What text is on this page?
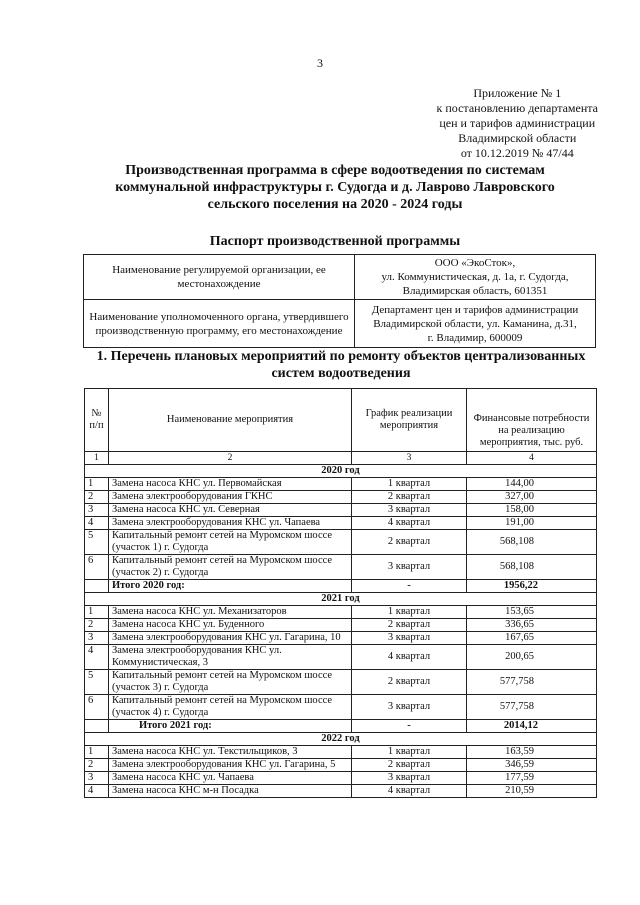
3
Приложение № 1
к постановлению департамента
цен и тарифов администрации
Владимирской области
от 10.12.2019 № 47/44
Производственная программа в сфере водоотведения по системам
коммунальной инфраструктуры г. Судогда и д. Лаврово Лавровского
сельского поселения на 2020 - 2024 годы
Паспорт производственной программы
Наименование регулируемой организации, ее местонахождение	ООО «ЭкоСток»,
ул. Коммунистическая, д. 1а, г. Судогда,
Владимирская область, 601351

Наименование уполномоченного органа, утвердившего производственную программу, его местонахождение	Департамент цен и тарифов администрации
Владимирской области, ул. Каманина, д.31,
г. Владимир, 600009
1. Перечень плановых мероприятий по ремонту объектов централизованных систем водоотведения
№ п/п	Наименование мероприятия	График реализации мероприятия	Финансовые потребности на реализацию мероприятия, тыс. руб.
1	2	3	4
2020 год			
1	Замена насоса КНС ул. Первомайская	1 квартал	144,00
2	Замена электрооборудования ГКНС	2 квартал	327,00
3	Замена насоса КНС ул. Северная	3 квартал	158,00
4	Замена электрооборудования КНС ул. Чапаева	4 квартал	191,00
5	Капитальный ремонт сетей на Муромском шоссе (участок 1) г. Судогда	2 квартал	568,108
6	Капитальный ремонт сетей на Муромском шоссе (участок 2) г. Судогда	3 квартал	568,108
	Итого 2020 год:	-	1956,22
2021 год			
1	Замена насоса КНС ул. Механизаторов	1 квартал	153,65
2	Замена насоса КНС ул. Буденного	2 квартал	336,65
3	Замена электрооборудования КНС ул. Гагарина, 10	3 квартал	167,65
4	Замена электрооборудования КНС ул. Коммунистическая, 3	4 квартал	200,65
5	Капитальный ремонт сетей на Муромском шоссе (участок 3) г. Судогда	2 квартал	577,758
6	Капитальный ремонт сетей на Муромском шоссе (участок 4) г. Судогда	3 квартал	577,758
	Итого 2021 год:	-	2014,12
2022 год			
1	Замена насоса КНС ул. Текстильщиков, 3	1 квартал	163,59
2	Замена электрооборудования КНС ул. Гагарина, 5	2 квартал	346,59
3	Замена насоса КНС ул. Чапаева	3 квартал	177,59
4	Замена насоса КНС м-н Посадка	4 квартал	210,59
